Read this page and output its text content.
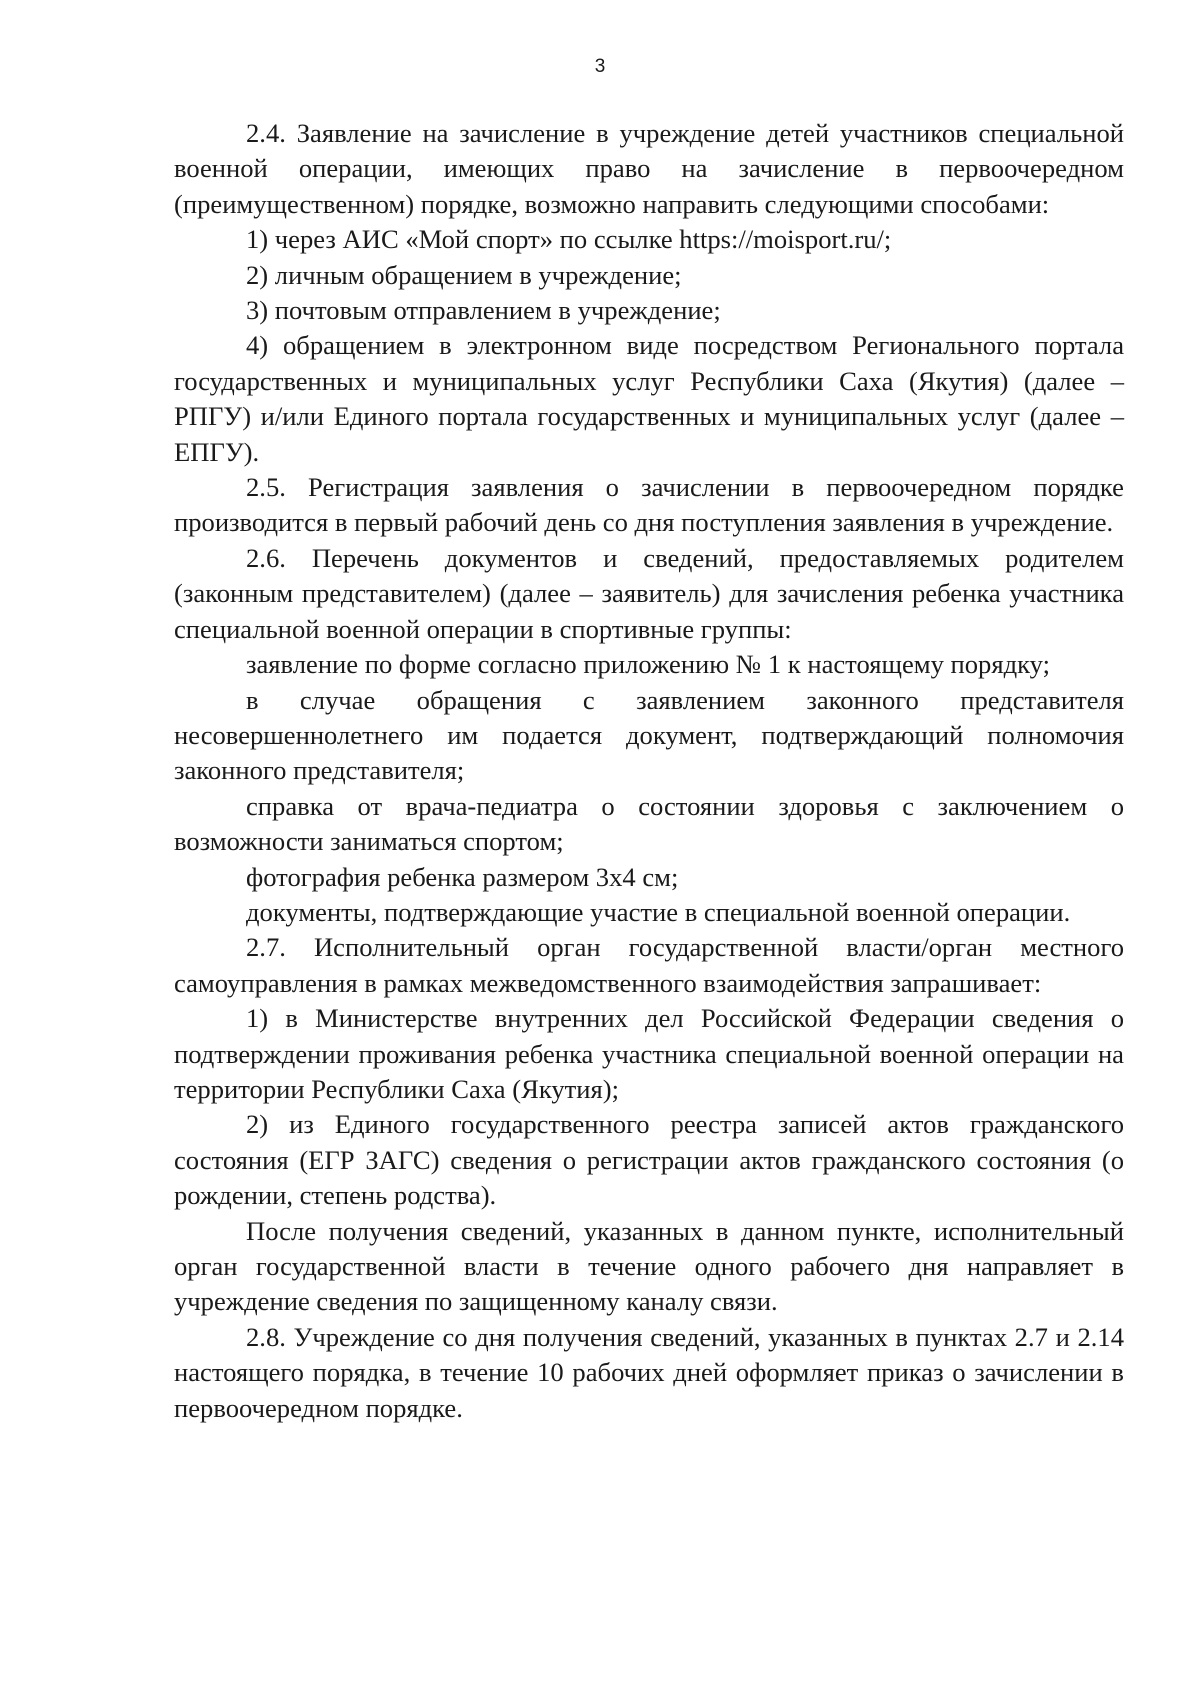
3

2.4. Заявление на зачисление в учреждение детей участников специальной военной операции, имеющих право на зачисление в первоочередном (преимущественном) порядке, возможно направить следующими способами:

1) через АИС «Мой спорт» по ссылке https://moisport.ru/;

2) личным обращением в учреждение;

3) почтовым отправлением в учреждение;

4) обращением в электронном виде посредством Регионального портала государственных и муниципальных услуг Республики Саха (Якутия) (далее – РПГУ) и/или Единого портала государственных и муниципальных услуг (далее – ЕПГУ).

2.5. Регистрация заявления о зачислении в первоочередном порядке производится в первый рабочий день со дня поступления заявления в учреждение.

2.6. Перечень документов и сведений, предоставляемых родителем (законным представителем) (далее – заявитель) для зачисления ребенка участника специальной военной операции в спортивные группы:

заявление по форме согласно приложению № 1 к настоящему порядку;

в случае обращения с заявлением законного представителя несовершеннолетнего им подается документ, подтверждающий полномочия законного представителя;

справка от врача-педиатра о состоянии здоровья с заключением о возможности заниматься спортом;

фотография ребенка размером 3х4 см;

документы, подтверждающие участие в специальной военной операции.

2.7. Исполнительный орган государственной власти/орган местного самоуправления в рамках межведомственного взаимодействия запрашивает:

1) в Министерстве внутренних дел Российской Федерации сведения о подтверждении проживания ребенка участника специальной военной операции на территории Республики Саха (Якутия);

2) из Единого государственного реестра записей актов гражданского состояния (ЕГР ЗАГС) сведения о регистрации актов гражданского состояния (о рождении, степень родства).

После получения сведений, указанных в данном пункте, исполнительный орган государственной власти в течение одного рабочего дня направляет в учреждение сведения по защищенному каналу связи.

2.8. Учреждение со дня получения сведений, указанных в пунктах 2.7 и 2.14 настоящего порядка, в течение 10 рабочих дней оформляет приказ о зачислении в первоочередном порядке.
